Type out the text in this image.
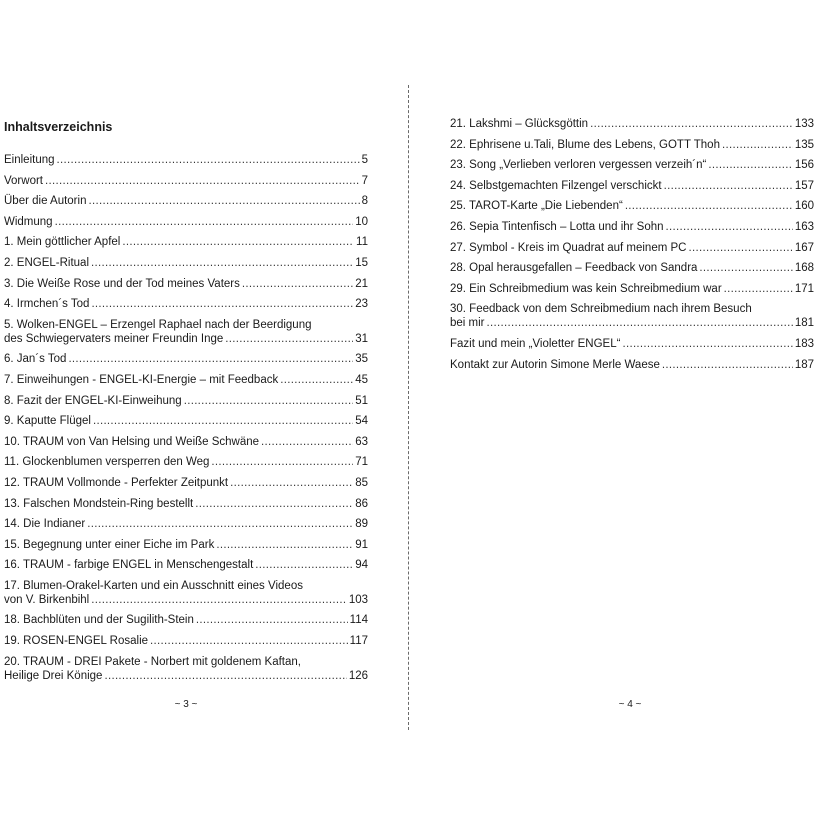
Inhaltsverzeichnis
Einleitung .....	5
Vorwort .....	7
Über die Autorin .....	8
Widmung .....	10
1. Mein göttlicher Apfel .....	11
2. ENGEL-Ritual .....	15
3. Die Weiße Rose und der Tod meines Vaters .....	21
4. Irmchen´s Tod .....	23
5. Wolken-ENGEL – Erzengel Raphael nach der Beerdigung
des Schwiegervaters meiner Freundin Inge .....	31
6. Jan´s Tod .....	35
7. Einweihungen - ENGEL-KI-Energie – mit Feedback .....	45
8. Fazit der ENGEL-KI-Einweihung .....	51
9. Kaputte Flügel .....	54
10. TRAUM von Van Helsing und Weiße Schwäne .....	63
11. Glockenblumen versperren den Weg .....	71
12. TRAUM Vollmonde - Perfekter Zeitpunkt .....	85
13. Falschen Mondstein-Ring bestellt .....	86
14. Die Indianer .....	89
15. Begegnung unter einer Eiche im Park .....	91
16. TRAUM - farbige ENGEL in Menschengestalt .....	94
17. Blumen-Orakel-Karten und ein Ausschnitt eines Videos
von V. Birkenbihl .....	103
18. Bachblüten und der Sugilith-Stein .....	114
19. ROSEN-ENGEL Rosalie .....	117
20. TRAUM - DREI Pakete - Norbert mit goldenem Kaftan,
Heilige Drei Könige .....	126
~ 3 ~
21. Lakshmi – Glücksgöttin .....	133
22. Ephrisene u.Tali, Blume des Lebens, GOTT Thoh .....	135
23. Song „Verlieben verloren vergessen verzeih´n“ .....	156
24. Selbstgemachten Filzengel verschickt .....	157
25. TAROT-Karte „Die Liebenden“ .....	160
26. Sepia Tintenfisch – Lotta und ihr Sohn .....	163
27. Symbol - Kreis im Quadrat auf meinem PC .....	167
28. Opal herausgefallen – Feedback von Sandra .....	168
29. Ein Schreibmedium was kein Schreibmedium war .....	171
30. Feedback von dem Schreibmedium nach ihrem Besuch
bei mir .....	181
Fazit und mein „Violetter ENGEL“ .....	183
Kontakt zur Autorin Simone Merle Waese .....	187
~ 4 ~
